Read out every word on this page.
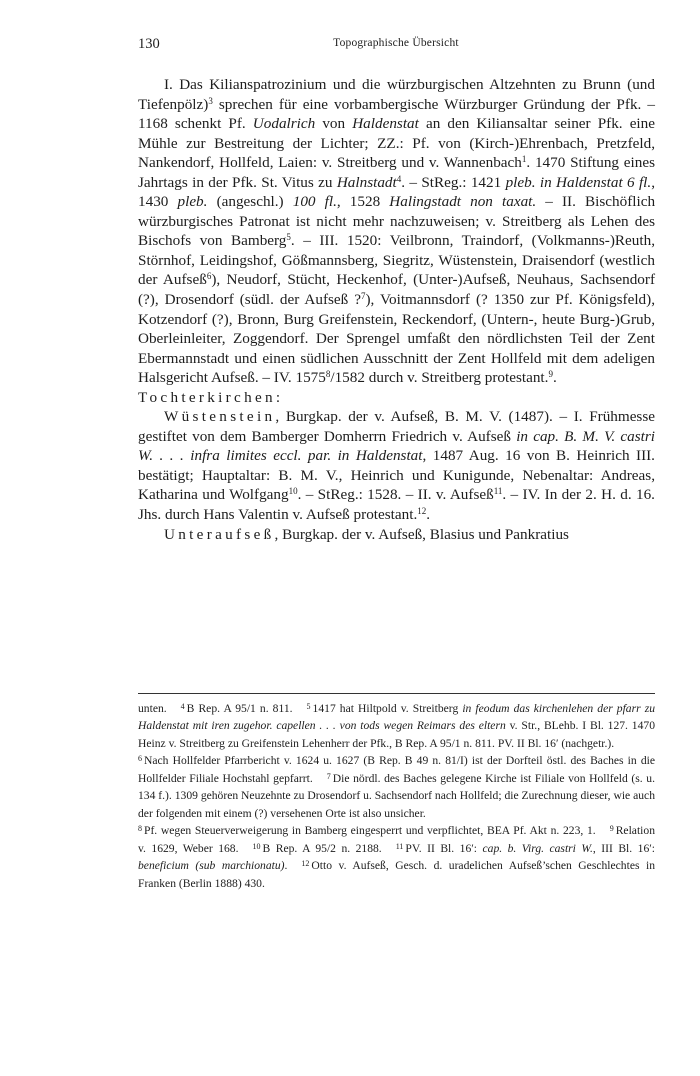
130	Topographische Übersicht

I. Das Kilianspatrozinium und die würzburgischen Altzehnten zu Brunn (und Tiefenpölz)$^3$ sprechen für eine vorbambergische Würzburger Gründung der Pfk. – 1168 schenkt Pf. Uodalrich von Haldenstat an den Kiliansaltar seiner Pfk. eine Mühle zur Bestreitung der Lichter; ZZ.: Pf. von (Kirch-)Ehrenbach, Pretzfeld, Nankendorf, Hollfeld, Laien: v. Streitberg und v. Wannenbach$^1$. 1470 Stiftung eines Jahrtags in der Pfk. St. Vitus zu Halnstadt$^4$. – StReg.: 1421 pleb. in Haldenstat 6 fl., 1430 pleb. (angeschl.) 100 fl., 1528 Halingstadt non taxat. – II. Bischöflich würzburgisches Patronat ist nicht mehr nachzuweisen; v. Streitberg als Lehen des Bischofs von Bamberg$^5$. – III. 1520: Veilbronn, Traindorf, (Volkmanns-)Reuth, Störnhof, Leidingshof, Gößmannsberg, Siegritz, Wüstenstein, Draisendorf (westlich der Aufseß$^6$), Neudorf, Stücht, Heckenhof, (Unter-)Aufseß, Neuhaus, Sachsendorf (?), Drosendorf (südl. der Aufseß ?$^7$), Voitmannsdorf (? 1350 zur Pf. Königsfeld), Kotzendorf (?), Bronn, Burg Greifenstein, Reckendorf, (Untern-, heute Burg-)Grub, Oberleinleiter, Zoggendorf. Der Sprengel umfaßt den nördlichsten Teil der Zent Ebermannstadt und einen südlichen Ausschnitt der Zent Hollfeld mit dem adeligen Halsgericht Aufseß. – IV. 1575$^8$/1582 durch v. Streitberg protestant.$^9$.

Tochterkirchen:

Wüstenstein, Burgkap. der v. Aufseß, B. M. V. (1487). – I. Frühmesse gestiftet von dem Bamberger Domherrn Friedrich v. Aufseß in cap. B. M. V. castri W. . . . infra limites eccl. par. in Haldenstat, 1487 Aug. 16 von B. Heinrich III. bestätigt; Hauptaltar: B. M. V., Heinrich und Kunigunde, Nebenaltar: Andreas, Katharina und Wolfgang$^{10}$. – StReg.: 1528. – II. v. Aufseß$^{11}$. – IV. In der 2. H. d. 16. Jhs. durch Hans Valentin v. Aufseß protestant.$^{12}$.

Unteraufseß, Burgkap. der v. Aufseß, Blasius und Pankratius

unten. $^4$ B Rep. A 95/1 n. 811. $^5$ 1417 hat Hiltpold v. Streitberg in feodum das kirchenlehen der pfarr zu Haldenstat mit iren zugehor. capellen . . . von tods wegen Reimars des eltern v. Str., BLehb. I Bl. 127. 1470 Heinz v. Streitberg zu Greifenstein Lehenherr der Pfk., B Rep. A 95/1 n. 811. PV. II Bl. 16′ (nachgetr.).

$^6$ Nach Hollfelder Pfarrbericht v. 1624 u. 1627 (B Rep. B 49 n. 81/I) ist der Dorfteil östl. des Baches in die Hollfelder Filiale Hochstahl gepfarrt. $^7$ Die nördl. des Baches gelegene Kirche ist Filiale von Hollfeld (s. u. 134 f.). 1309 gehören Neuzehnte zu Drosendorf u. Sachsendorf nach Hollfeld; die Zurechnung dieser, wie auch der folgenden mit einem (?) versehenen Orte ist also unsicher.

$^8$ Pf. wegen Steuerverweigerung in Bamberg eingesperrt und verpflichtet, BEA Pf. Akt n. 223, 1. $^9$ Relation v. 1629, Weber 168. $^{10}$ B Rep. A 95/2 n. 2188. $^{11}$ PV. II Bl. 16′: cap. b. Virg. castri W., III Bl. 16′: beneficium (sub marchionatu). $^{12}$ Otto v. Aufseß, Gesch. d. uradelichen Aufseß’schen Geschlechtes in Franken (Berlin 1888) 430.
